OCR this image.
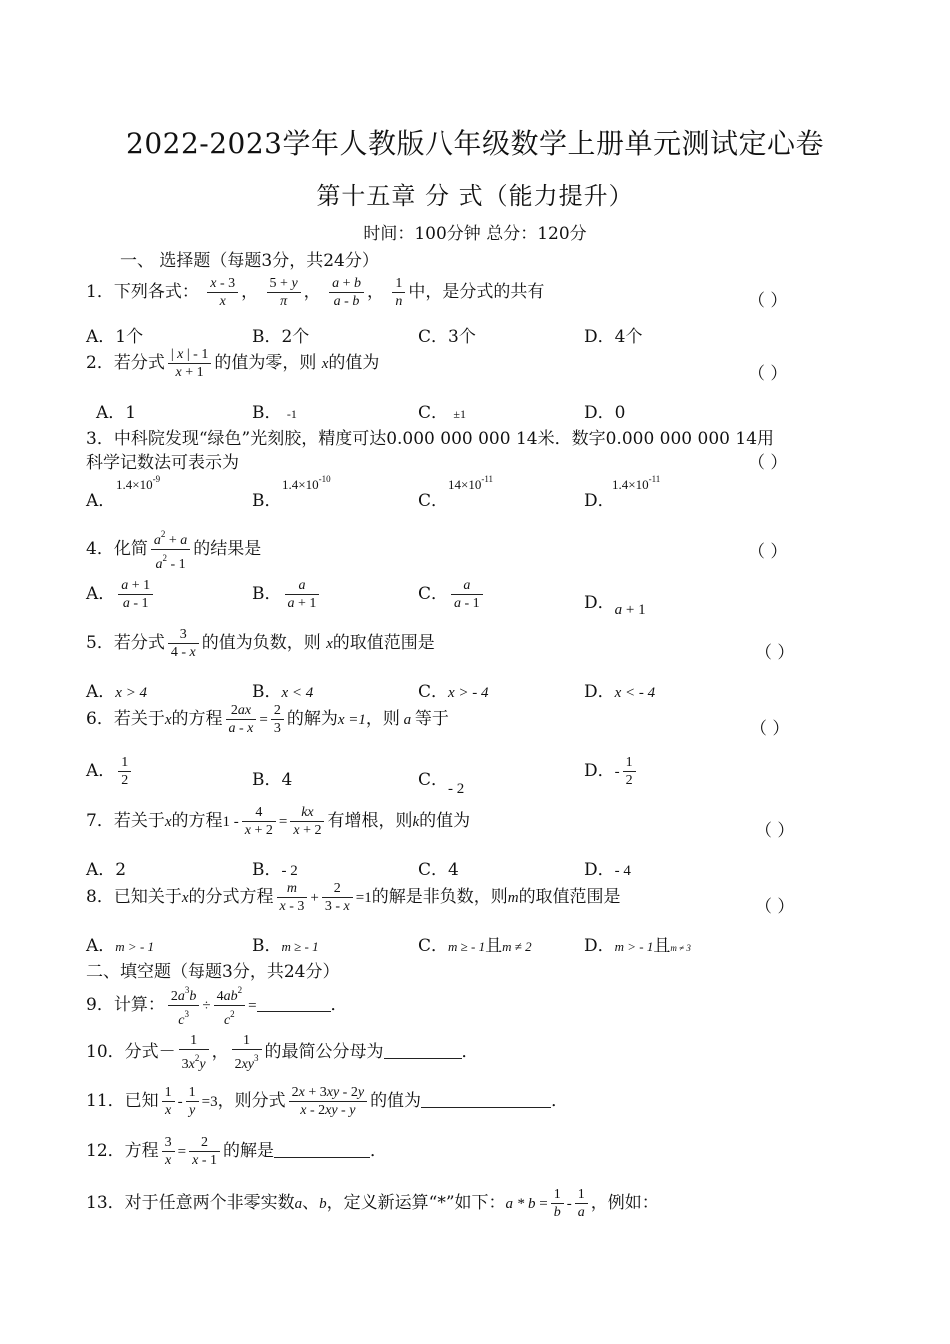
2022-2023学年人教版八年级数学上册单元测试定心卷
第十五章 分 式（能力提升）
时间：100分钟 总分：120分
一、 选择题（每题3分，共24分）
1．下列各式： $\frac{x - 3}{x}$ ， $\frac{5 + y}{\pi}$ ， $\frac{a + b}{a - b}$ ， $\frac{1}{n}$ 中，是分式的共有	（ ）
A．1个	B．2个	C．3个	D．4个
2．若分式 $\frac{| x | - 1}{x + 1}$ 的值为零，则 x的值为
（ ）
A．1	B． -1	C． ±1	D．0
3．中科院发现“绿色”光刻胶，精度可达0.000 000 000 14米．数字0.000 000 000 14用
科学记数法可表示为	（ ）
A．
$1.4\times 10^{-9}$
B．
$1.4\times 10^{-10}$
C．
$14\times 10^{-11}$
D．
$1.4\times 10^{-11}$
4．化简 $\frac{a^2 + a}{a^2 - 1}$ 的结果是	（ ）
A． $\frac{a + 1}{a - 1}$	B． $\frac{a}{a + 1}$	C． $\frac{a}{a - 1}$	D．a + 1
5．若分式 $\frac{3}{4 - x}$ 的值为负数，则 x的取值范围是	（ ）
A．x > 4	B．x < 4	C．x > - 4	D．x < - 4
6．若关于x的方程 $\frac{2ax}{a - x} = \frac{2}{3}$ 的解为x =1，则 a 等于	（ ）
A． $\frac{1}{2}$	B．4	C．- 2
D．- $\frac{1}{2}$
7．若关于x的方程$1 - \frac{4}{x + 2} = \frac{kx}{x + 2}$ 有增根，则k的值为	（ ）
A．2	B．- 2	C．4	D．- 4
8．已知关于x的分式方程 $\frac{m}{x - 3} + \frac{2}{3 - x} =1$的解是非负数，则m的取值范围是	（ ）
A．m > - 1	B．m ≥ - 1	C．m ≥ - 1且m ≠ 2	D．m > - 1且m ≠ 3
二、填空题（每题3分，共24分）
9．计算： $\frac{2a^3b}{c^3} \div \frac{4ab^2}{c^2}$ =	．
10．分式－ $\frac{1}{3x^2y}$ ， $\frac{1}{2xy^3}$ 的最简公分母为	．
11．已知 $\frac{1}{x} - \frac{1}{y} =3$，则分式 $\frac{2x + 3xy - 2y}{x - 2xy - y}$ 的值为	．
12．方程 $\frac{3}{x} = \frac{2}{x - 1}$ 的解是	．
13．对于任意两个非零实数a、b，定义新运算“*”如下：$a * b = \frac{1}{b} - \frac{1}{a}$ ，例如：
